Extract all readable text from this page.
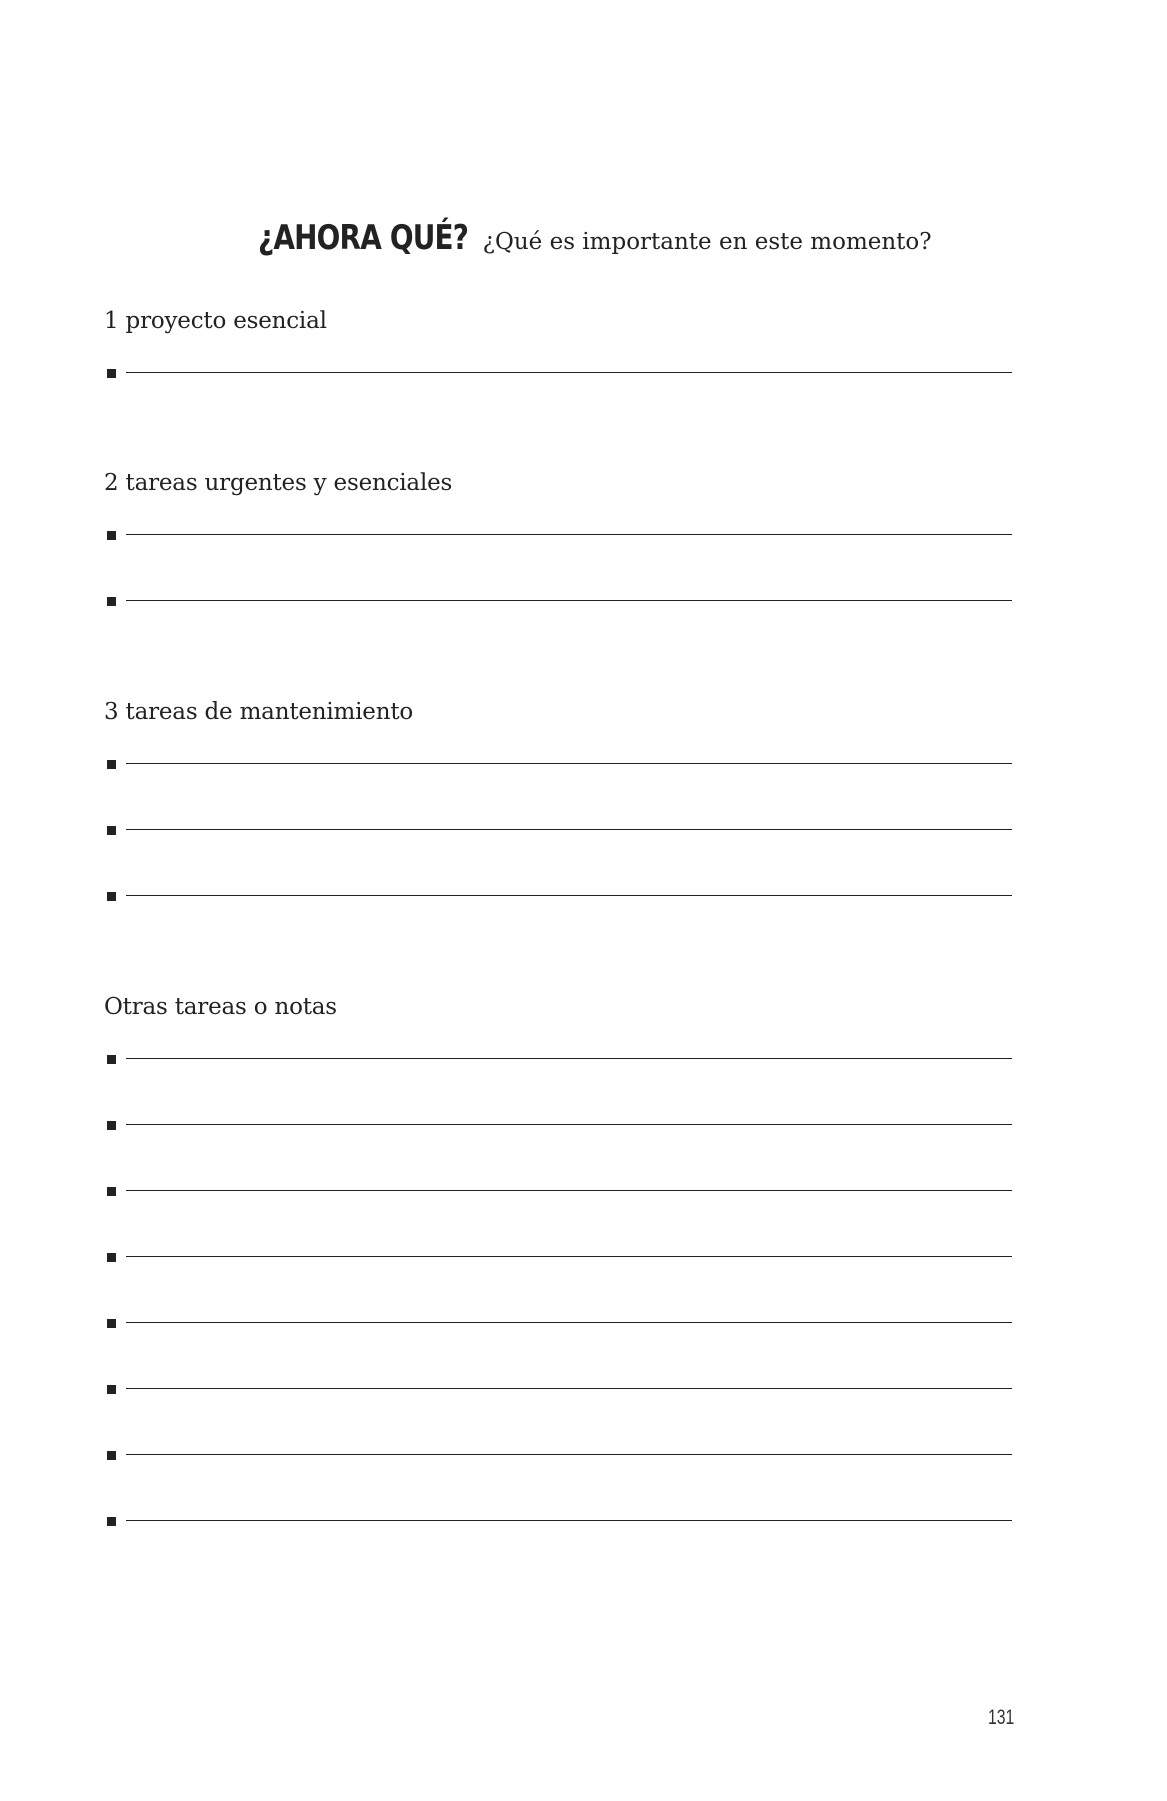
¿AHORA QUÉ? ¿Qué es importante en este momento?
1 proyecto esencial
2 tareas urgentes y esenciales
3 tareas de mantenimiento
Otras tareas o notas
131
